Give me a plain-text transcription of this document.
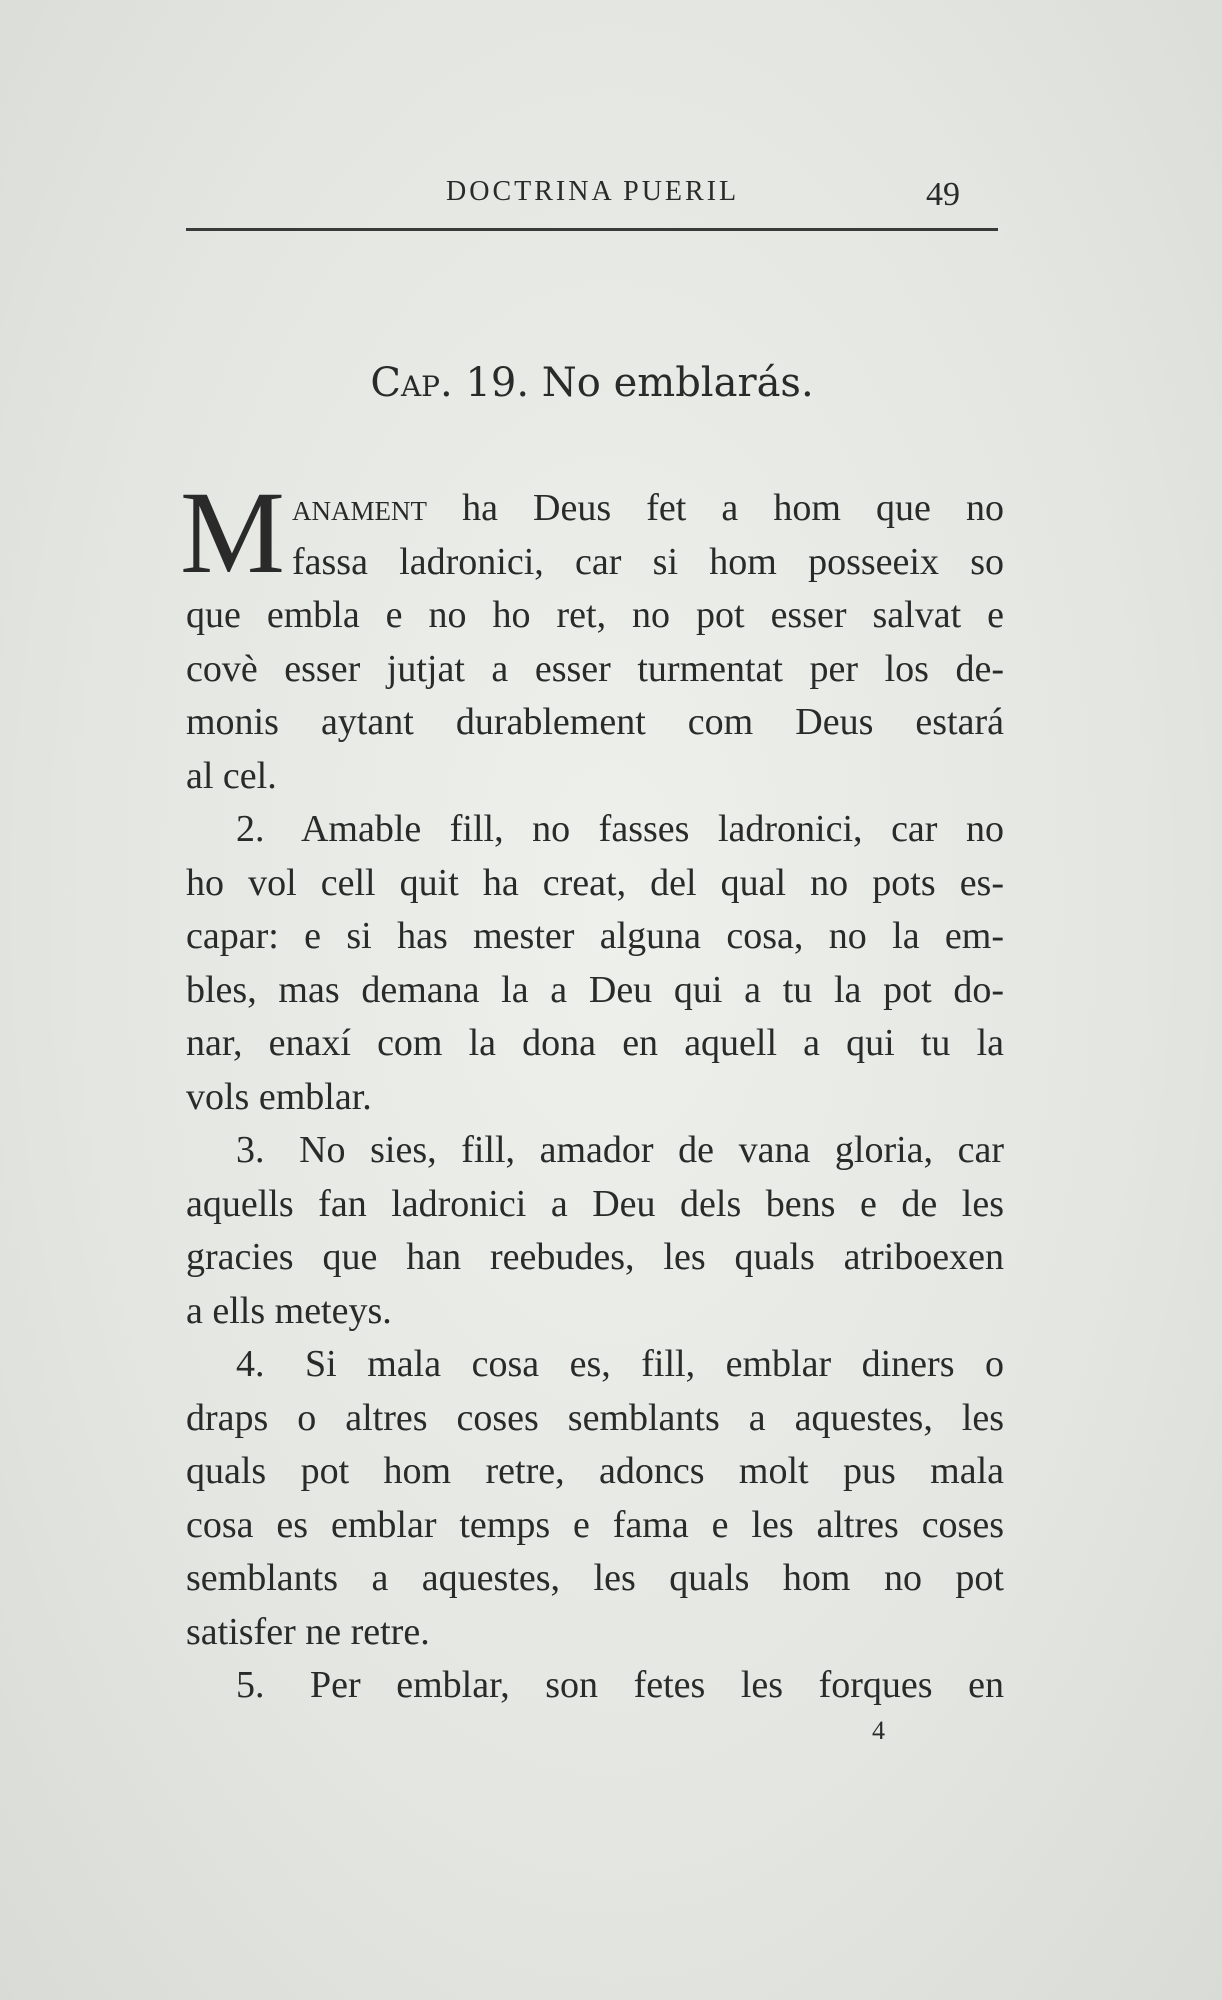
DOCTRINA PUERIL	49
Cap. 19. No emblarás.
M anament ha Deus fet a hom que no
fassa ladronici, car si hom posseeix so
que embla e no ho ret, no pot esser salvat e
covè esser jutjat a esser turmentat per los de-
monis aytant durablement com Deus estará
al cel.
2. Amable fill, no fasses ladronici, car no
ho vol cell quit ha creat, del qual no pots es-
capar: e si has mester alguna cosa, no la em-
bles, mas demana la a Deu qui a tu la pot do-
nar, enaxí com la dona en aquell a qui tu la
vols emblar.
3. No sies, fill, amador de vana gloria, car
aquells fan ladronici a Deu dels bens e de les
gracies que han reebudes, les quals atriboexen
a ells meteys.
4. Si mala cosa es, fill, emblar diners o
draps o altres coses semblants a aquestes, les
quals pot hom retre, adoncs molt pus mala
cosa es emblar temps e fama e les altres coses
semblants a aquestes, les quals hom no pot
satisfer ne retre.
5. Per emblar, son fetes les forques en
4
